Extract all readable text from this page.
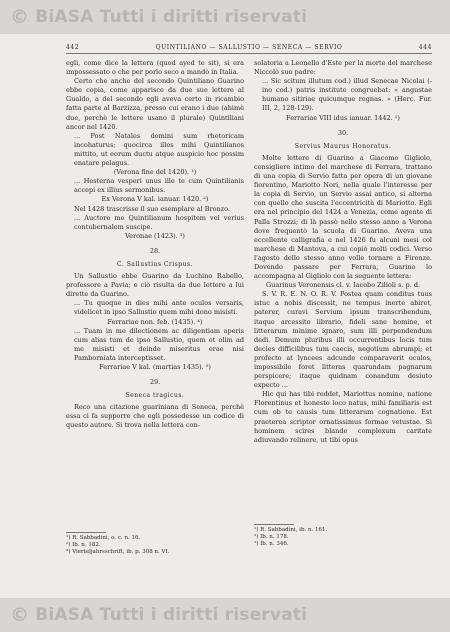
© BiASA Tutti i diritti riservati
442	QUINTILIANO — SALLUSTIO — SENECA — SERVIO	444

egli, come dice la lettera (quod ayed te sit), si era impossessato o che per porlo seco a mandò in Italia.

Certo che anche del secondo Quintiliano Guarino ebbe copia, come apparisce da due sue lettere al Gualdo, a del secondo egli aveva certo in ricambio fatta parte al Barzizza, presso cui erano i due (ahimè due, perchè le lettere usano il plurale) Quintiliani ancor nel 1420.

... Post Natales domini sum rhetoricam incohaturus; quocirca illos mihi Quintilianos mittito, ut eorum ductu atque auspicio hoc possim enatare pelagus.

(Verona fine del 1420). ¹)

... Hesterna vesperi unus ille te cum Quintilianis accepi ex illius sermonibus.

Ex Verona V kal. ianuar. 1420. ²)

Nel 1428 trascrisse il suo esemplare al Bronzo.

... Auctore me Quintilianum hospitem vel verius contubernalem suscipe.

Veronae (1423). ³)

28.

C. Sallustius Crispus.

Un Sallustio ebbe Guarino da Luchino Rabello, professore a Pavia; e ciò risulta da due lettere a lui dirette da Guarino.

... Tu quoque in dies mihi ante oculos versaris, videlicet in ipso Sallustio quem mihi dono misisti.

Ferrariae non. feb. (1435). ⁴)

... Tuam in me dilectionem ac diligentiam aperis cum alias tum de ipso Sallustio, quem et olim ad me misisti et deinde miseritus erae nisi Pamborniata interceptisset.

Ferrariae V kal. (martias 1435). ⁵)

29.

Seneca tragicus.

Reco una citazione guariniana di Seneca, perchè essa ci fa supporre che egli possedesse un codice di questo autore. Si trova nella lettera con-

¹) R. Sabbadini, o. c. n. 16.
²) Ib. n. 182.
³) Vierteljahrsschrift, ib. p. 308 n. VI.

solatoria a Leonello d'Este per la morte del marchese Niccolò suo padre:

... Sic scitum illutum cod.) illud Senecae Nicolai (-ino cod.) patris institute congruebat: « angustae humano sitiriae quicumque regnas. » (Herc. Fur. III, 2, 128-129).

Ferrariae VIII idus ianuar. 1442. ¹)

30.

Servius Maurus Honoratus.

Molte lettere di Guarino a Giacomo Gigliolo, consigliere intimo del marchese di Ferrara, trattano di una copia di Servio fatta per opera di un giovane fiorentino, Mariotto Nori, nella quale l'interesse per la copia di Servio, un Servio assai antico, si alterna con quello che suscita l'eccentricità di Mariotto. Egli era nel principio del 1424 a Venezia, come agente di Palla Strozzi; di là passò nello stesso anno a Verona dove frequentò la scuola di Guarino. Aveva una eccellente calligrafia e nel 1426 fu alcuni mesi col marchese di Mantova, a cui copiò molti codici. Verso l'agosto dello stesso anno volle tornare a Firenze. Dovendo passare per Ferrara, Guarino lo accompagna al Gigliolo con la seguente lettera:

Guarinus Veronensis cl. v. Iacobo Zilioli s. p. d.

S. V. R. E. N. O. R. V. Postea quam conditus tuus istuc a nobis discessit, ne tempus inerte abiret, paterer, curavi Servium ipsum transcribendum, itaque arcessito librario, fideli sane homine, et litterarum minime ignaro, sum illi perpendendum dedi. Demum pluribus illi occurrentibus locis tum decies difficilibus tum caecis, negotium abrumpi; et profecto at lyncees adcunde comparaverit oculos, impossibile foret litteras quarundam pagnarum perspicere; itaque quidnam conandum desiuto expecto ...

Hic qui has tibi reddet, Mariottus nomine, natione Florentinus et honesto loco natus, mihi familiaris est cum ob te causis tum litterarum cognatione. Est praeterea scriptor ornatissimus formae vetustae. Si hominem scires blande complexum caritate adiuvando relinere, ut tibi opus

¹) R. Sabbadini, ib. n. 161.
²) Ib. n. 178.
¹) Ib. n. 346.
© BiASA Tutti i diritti riservati
